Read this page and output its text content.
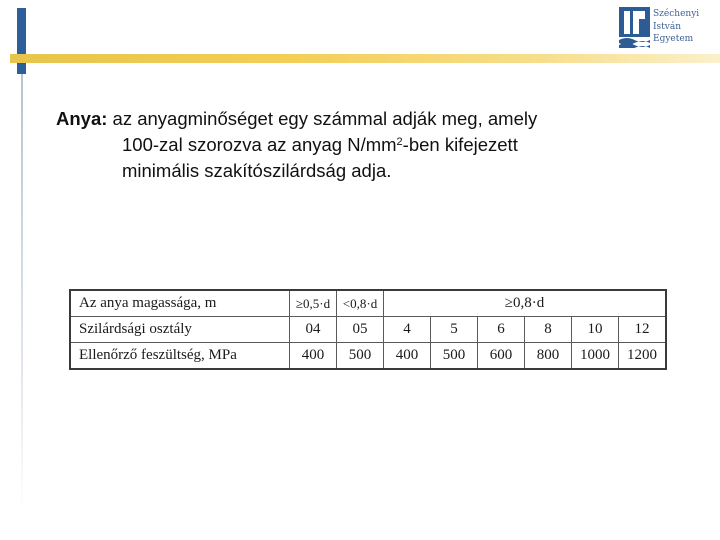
Széchenyi
István
Egyetem
Anya: az anyagminőséget egy számmal adják meg, amely
100-zal szorozva az anyag $N/mm^2$-ben kifejezett
minimális szakítószilárdság adja.
Az anya magassága, m	≥0,5·d	<0,8·d	≥0,8·d					
Szilárdsági osztály	04	05	4	5	6	8	10	12
Ellenőrző feszültség, MPa	400	500	400	500	600	800	1000	1200
